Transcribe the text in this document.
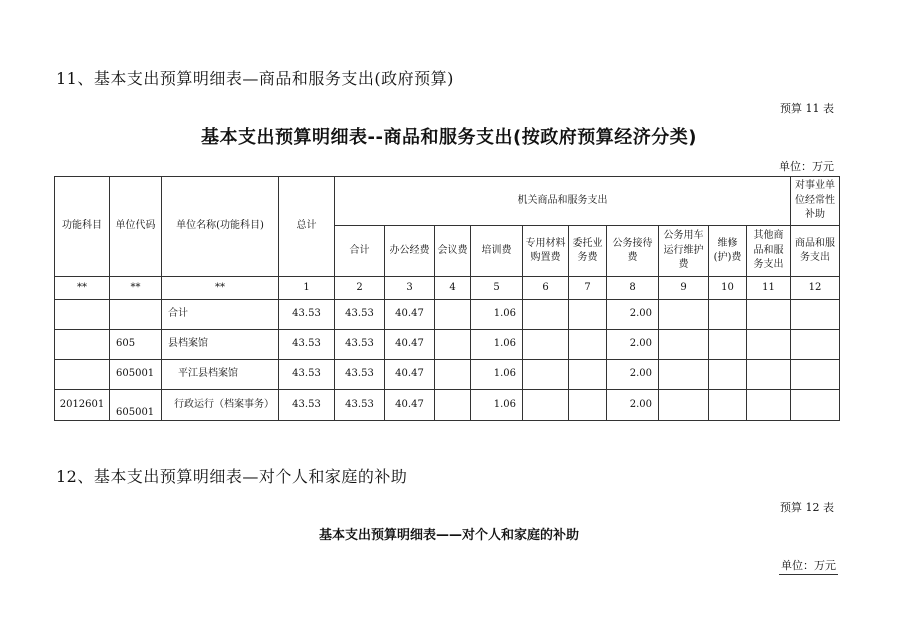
11、基本支出预算明细表—商品和服务支出(政府预算)
预算 11 表
基本支出预算明细表--商品和服务支出(按政府预算经济分类)
单位：万元
功能科目	单位代码	单位名称(功能科目)	总计	机关商品和服务支出										对事业单位经常性补助
				合计	办公经费	会议费	培训费	专用材料购置费	委托业务费	公务接待费	公务用车运行维护费	维修(护)费	其他商品和服务支出	商品和服务支出
**	**	**	1	2	3	4	5	6	7	8	9	10	11	12
		合计	43.53	43.53	40.47		1.06			2.00				
	605	县档案馆	43.53	43.53	40.47		1.06			2.00				
	605001	平江县档案馆	43.53	43.53	40.47		1.06			2.00				
2012601	605001	行政运行（档案事务）	43.53	43.53	40.47		1.06			2.00				
12、基本支出预算明细表—对个人和家庭的补助
预算 12 表
基本支出预算明细表——对个人和家庭的补助
单位：万元
